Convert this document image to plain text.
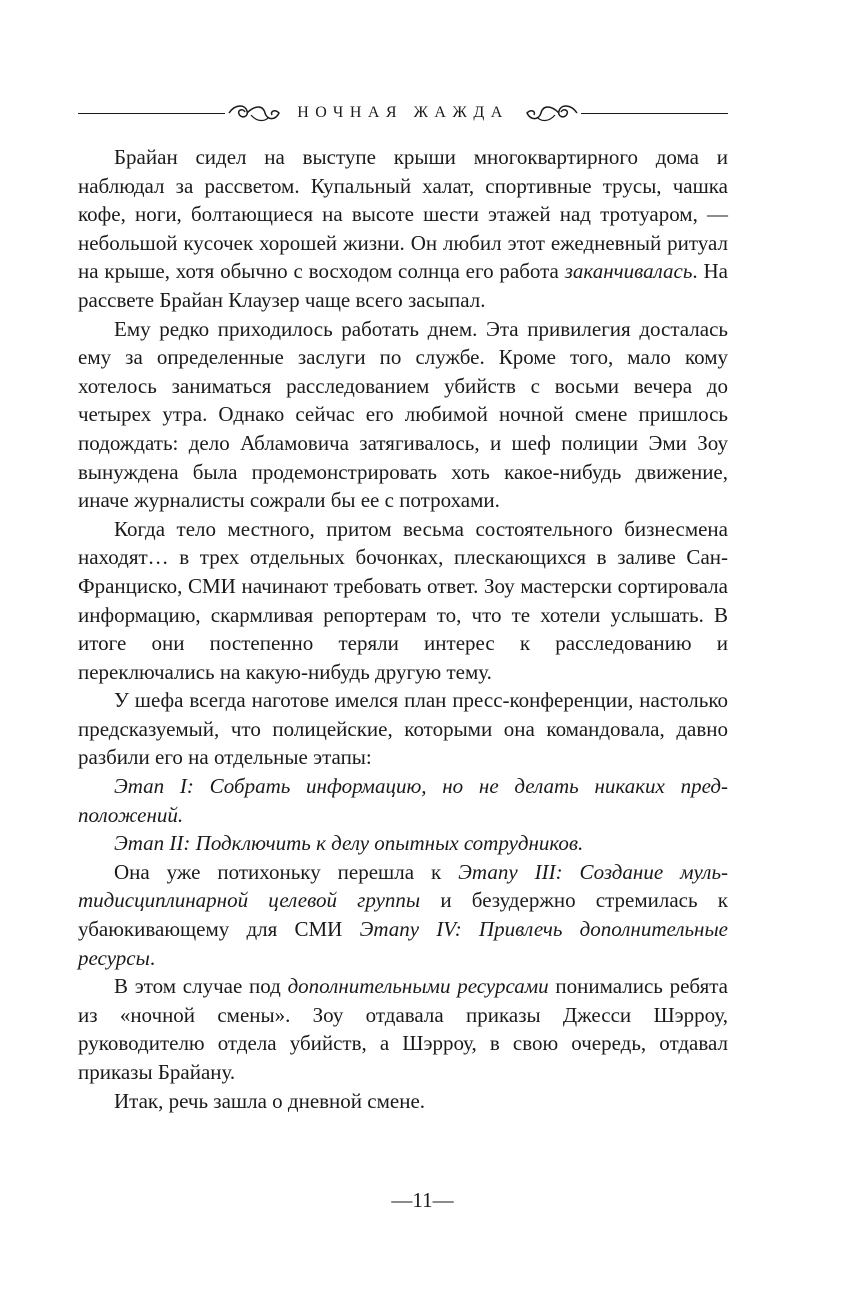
НОЧНАЯ ЖАЖДА

Брайан сидел на выступе крыши многоквартирного дома и наблюдал за рассветом. Купальный халат, спортивные трусы, чашка кофе, ноги, болтающиеся на высоте шести этажей над тротуаром, — небольшой кусочек хорошей жизни. Он любил этот ежедневный ритуал на крыше, хотя обычно с восходом солнца его работа заканчивалась. На рассвете Брайан Клаузер чаще всего засыпал.

Ему редко приходилось работать днем. Эта привилегия досталась ему за определенные заслуги по службе. Кроме того, мало кому хотелось заниматься расследованием убийств с восьми вечера до четырех утра. Однако сейчас его любимой ночной смене пришлось подождать: дело Абламовича затягивалось, и шеф полиции Эми Зоу вынуждена была продемонстрировать хоть какое-нибудь движение, иначе журналисты сожрали бы ее с потрохами.

Когда тело местного, притом весьма состоятельного бизнесмена находят… в трех отдельных бочонках, плескающихся в заливе Сан-Франциско, СМИ начинают требовать ответ. Зоу мастерски сортировала информацию, скармливая репортерам то, что те хотели услышать. В итоге они постепенно теряли интерес к расследованию и переключались на какую-нибудь другую тему.

У шефа всегда наготове имелся план пресс-конференции, настолько предсказуемый, что полицейские, которыми она командовала, давно разбили его на отдельные этапы:

Этап I: Собрать информацию, но не делать никаких предположений.

Этап II: Подключить к делу опытных сотрудников.

Она уже потихоньку перешла к Этапу III: Создание мультидисциплинарной целевой группы и безудержно стремилась к убаюкивающему для СМИ Этапу IV: Привлечь дополнительные ресурсы.

В этом случае под дополнительными ресурсами понимались ребята из «ночной смены». Зоу отдавала приказы Джесси Шэрроу, руководителю отдела убийств, а Шэрроу, в свою очередь, отдавал приказы Брайану.

Итак, речь зашла о дневной смене.

—11—
